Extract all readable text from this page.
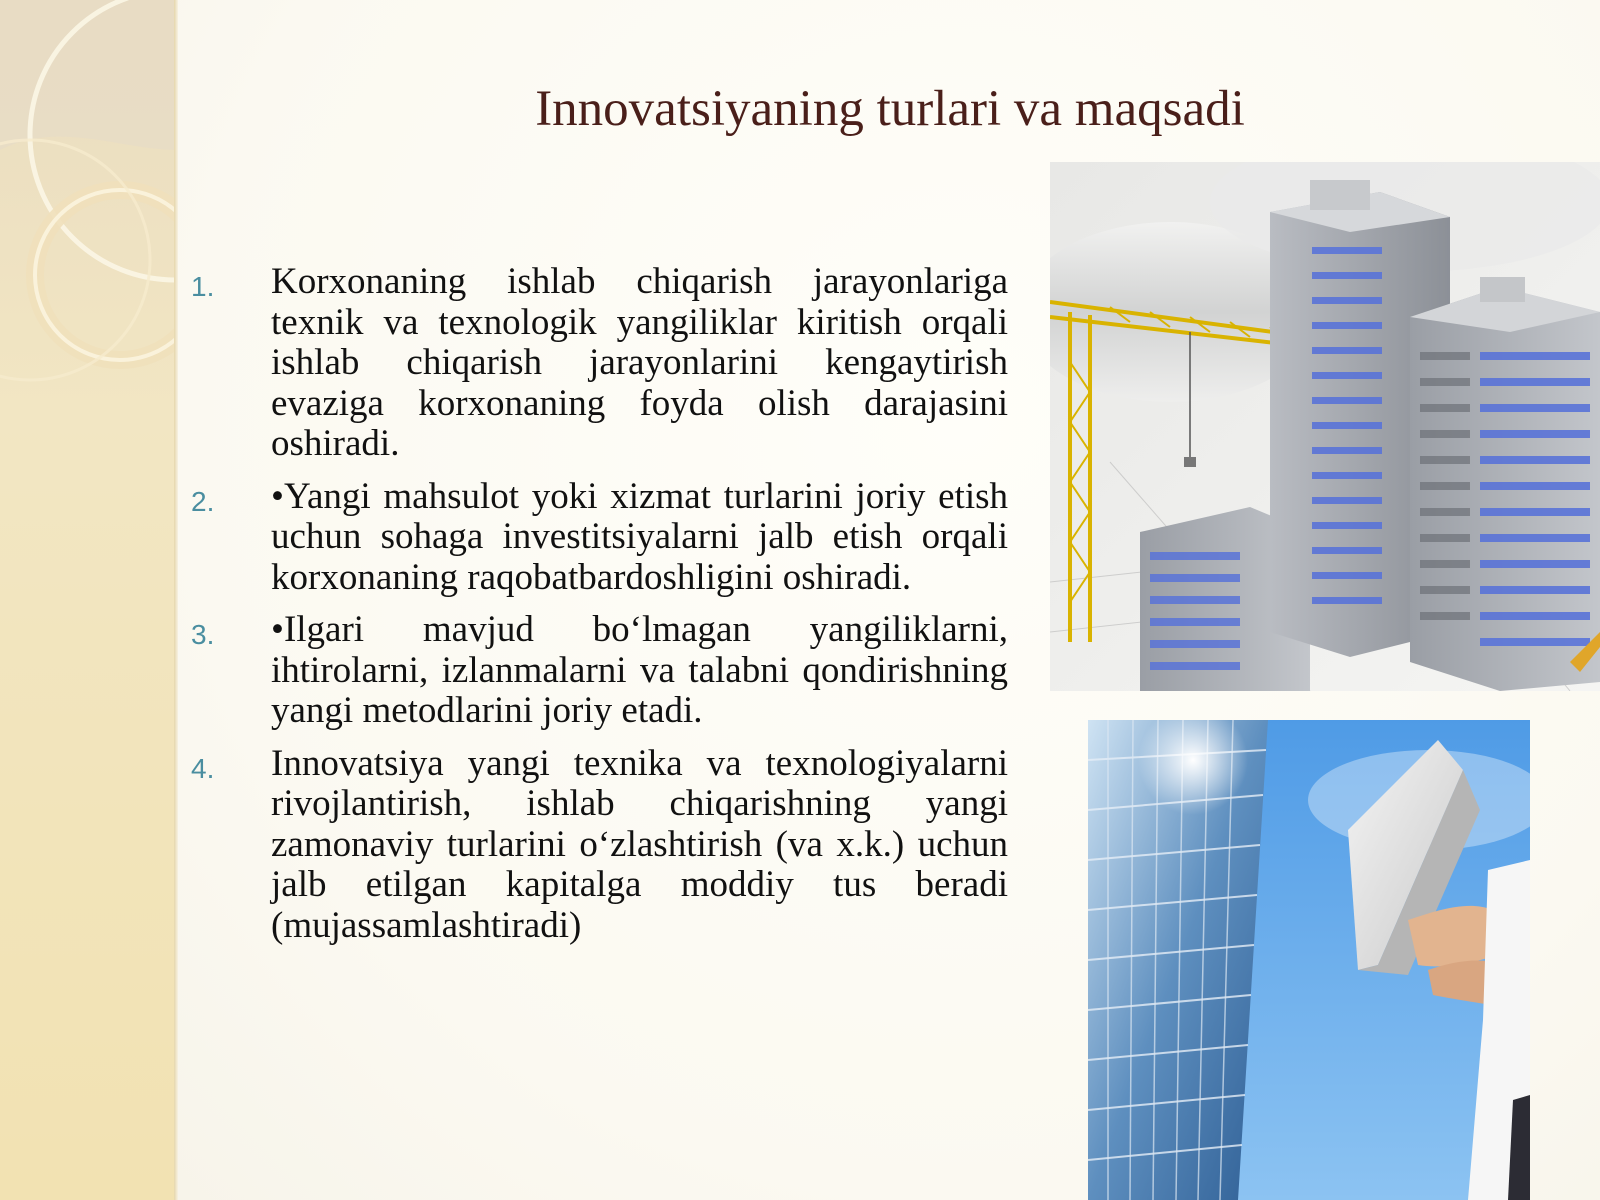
Innovatsiyaning turlari va maqsadi
1. Korxonaning ishlab chiqarish jarayonlariga texnik va texnologik yangiliklar kiritish orqali ishlab chiqarish jarayonlarini kengaytirish evaziga korxonaning foyda olish darajasini oshiradi.
2. •Yangi mahsulot yoki xizmat turlarini joriy etish uchun sohaga investitsiyalarni jalb etish orqali korxonaning raqobatbardoshligini oshiradi.
3. •Ilgari mavjud bo‘lmagan yangiliklarni, ihtirolarni, izlanmalarni va talabni qondirishning yangi metodlarini joriy etadi.
4. Innovatsiya yangi texnika va texnologiyalarni rivojlantirish, ishlab chiqarishning yangi zamonaviy turlarini o‘zlashtirish (va x.k.) uchun jalb etilgan kapitalga moddiy tus beradi (mujassamlashtiradi)
